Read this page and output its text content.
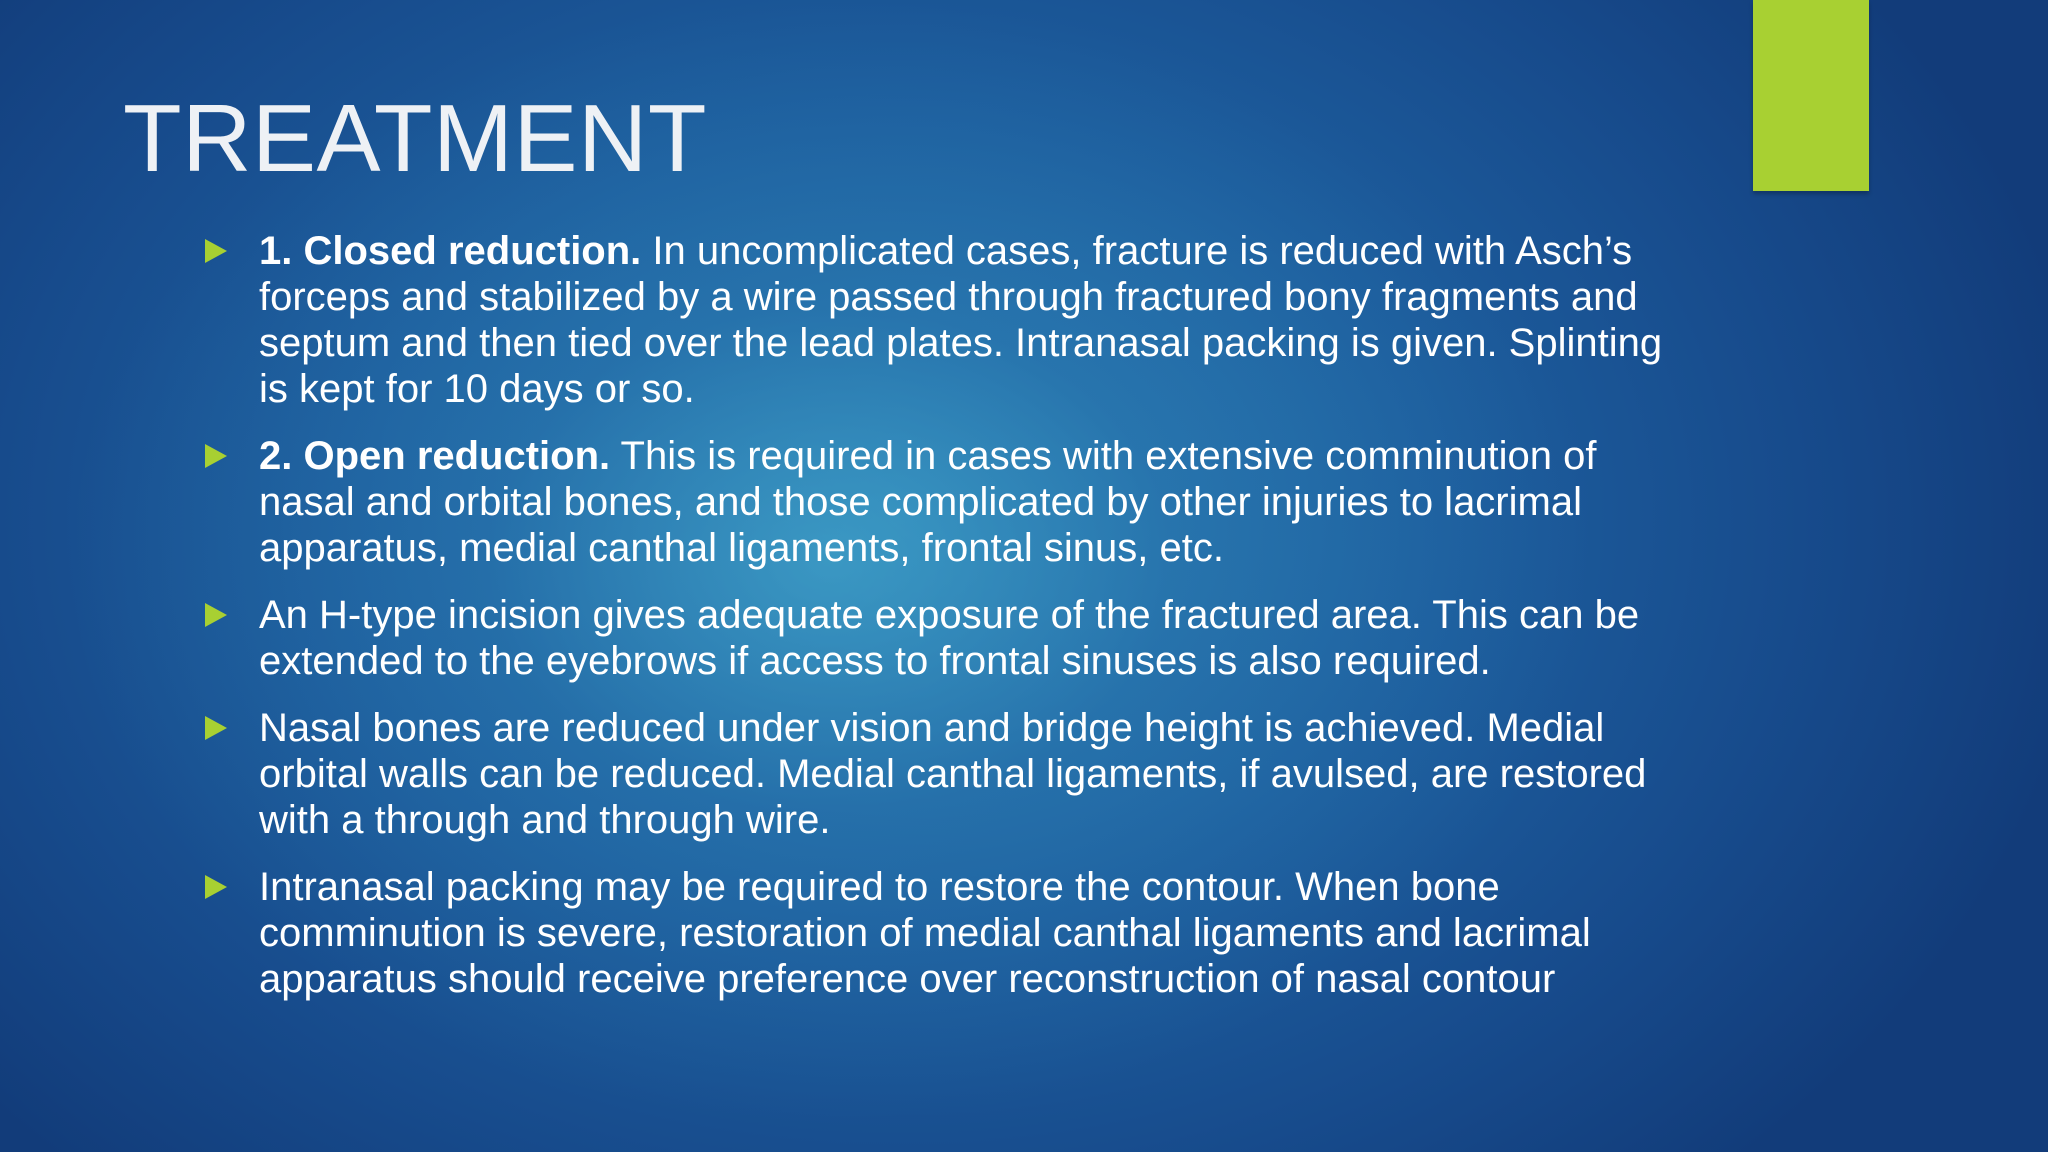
TREATMENT
1. Closed reduction. In uncomplicated cases, fracture is reduced with Asch’s forceps and stabilized by a wire passed through fractured bony fragments and septum and then tied over the lead plates. Intranasal packing is given. Splinting is kept for 10 days or so.
2. Open reduction. This is required in cases with extensive comminution of nasal and orbital bones, and those complicated by other injuries to lacrimal apparatus, medial canthal ligaments, frontal sinus, etc.
An H-type incision gives adequate exposure of the fractured area. This can be extended to the eyebrows if access to frontal sinuses is also required.
Nasal bones are reduced under vision and bridge height is achieved. Medial orbital walls can be reduced. Medial canthal ligaments, if avulsed, are restored with a through and through wire.
Intranasal packing may be required to restore the contour. When bone comminution is severe, restoration of medial canthal ligaments and lacrimal apparatus should receive preference over reconstruction of nasal contour
